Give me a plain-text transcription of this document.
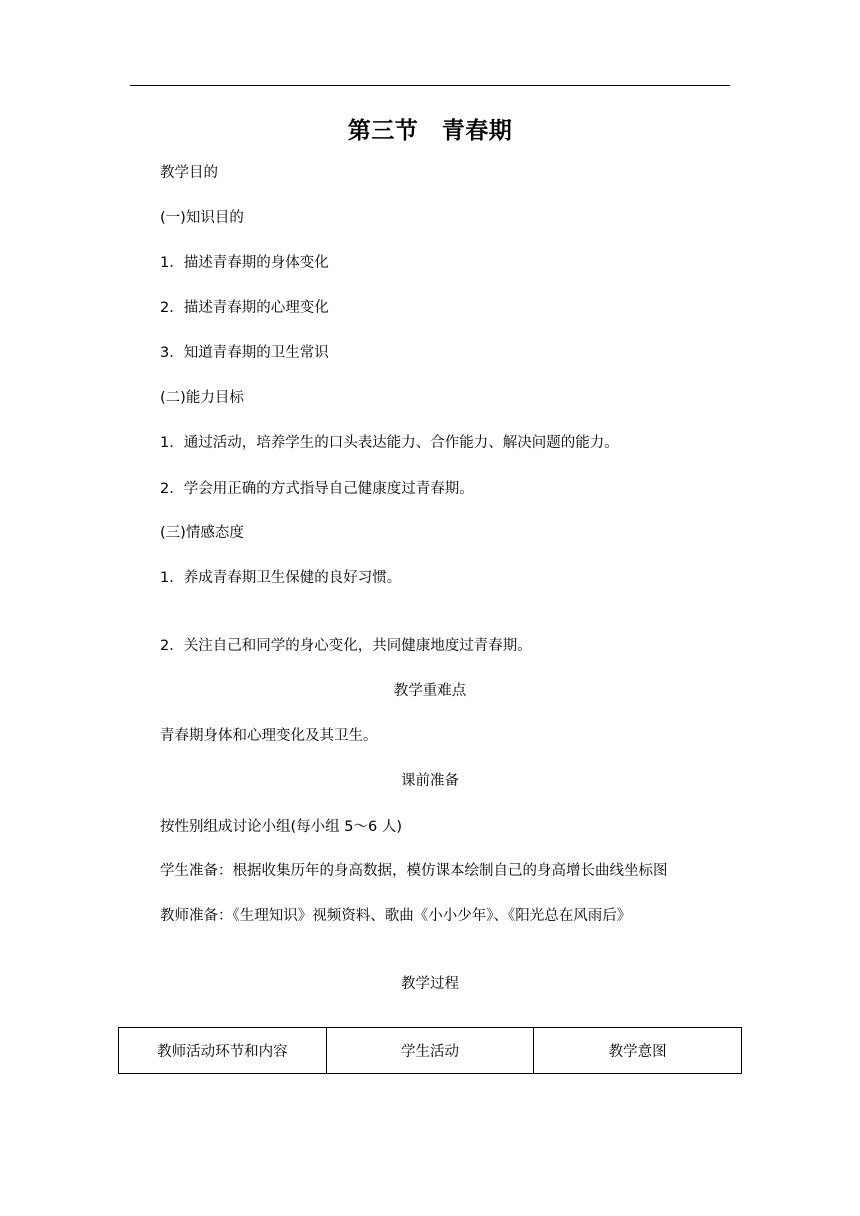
第三节　青春期
教学目的
(一)知识目的
1．描述青春期的身体变化
2．描述青春期的心理变化
3．知道青春期的卫生常识
(二)能力目标
1．通过活动，培养学生的口头表达能力、合作能力、解决问题的能力。
2．学会用正确的方式指导自己健康度过青春期。
(三)情感态度
1．养成青春期卫生保健的良好习惯。
2．关注自己和同学的身心变化，共同健康地度过青春期。
教学重难点
青春期身体和心理变化及其卫生。
课前准备
按性别组成讨论小组(每小组 5～6 人)
学生准备：根据收集历年的身高数据，模仿课本绘制自己的身高增长曲线坐标图
教师准备：《生理知识》视频资料、歌曲《小小少年》、《阳光总在风雨后》
教学过程
教师活动环节和内容	学生活动	教学意图
